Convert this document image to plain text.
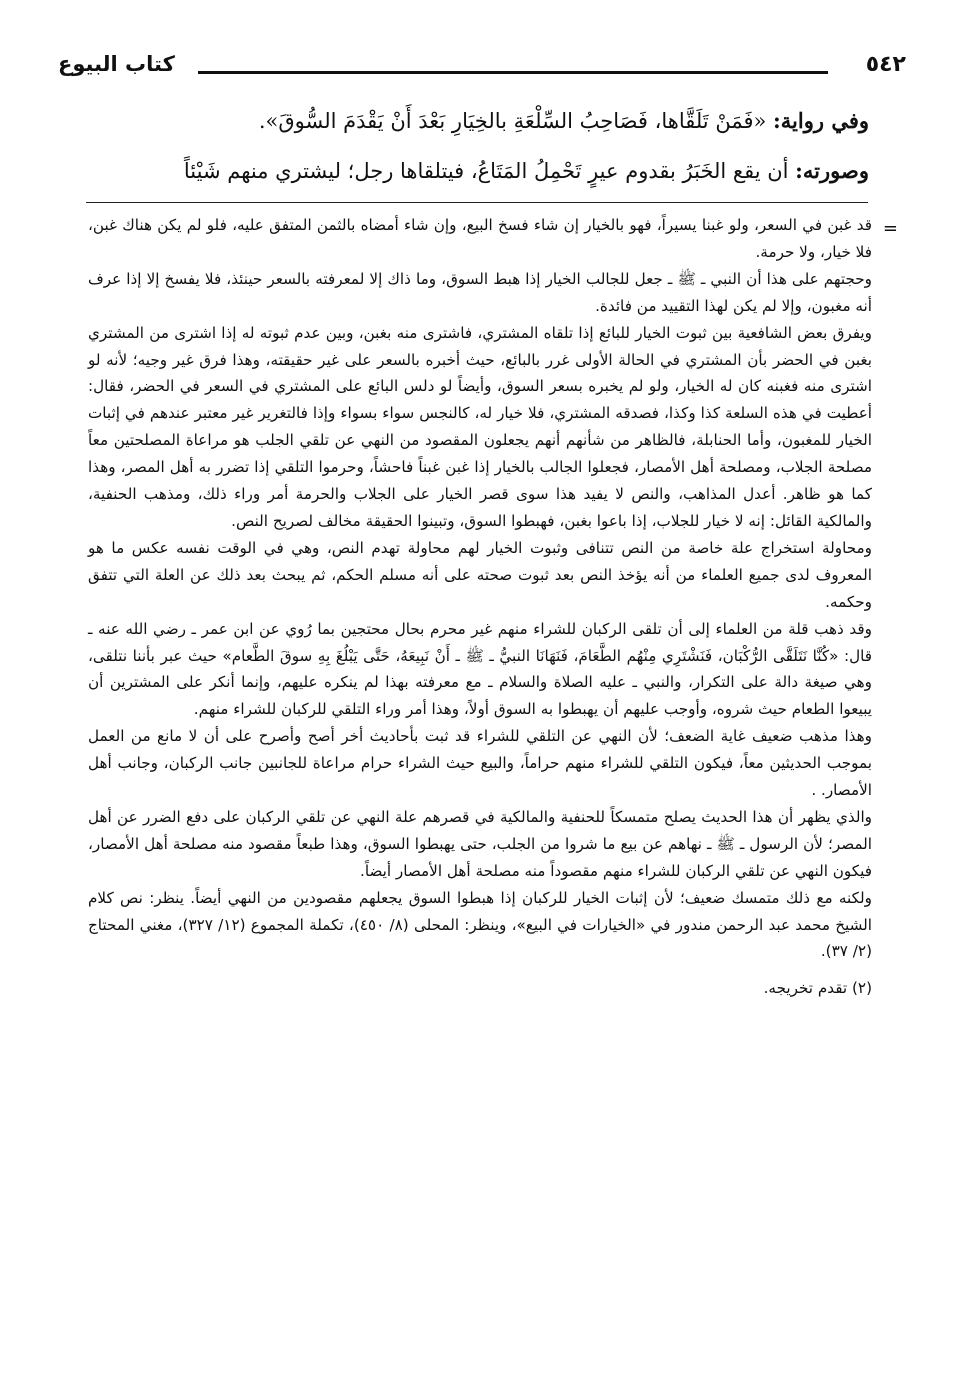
٥٤٢
كتاب البيوع

وفي رواية: «فَمَنْ تَلَقَّاها، فَصَاحِبُ السِّلْعَةِ بالخِيَارِ بَعْدَ أَنْ يَقْدَمَ السُّوقَ».

وصورته: أن يقع الخَبَرُ بقدوم عيرٍ تَحْمِلُ المَتَاعُ، فيتلقاها رجل؛ ليشتري منهم شَيْئاً

=

قد غبن في السعر، ولو غبنا يسيراً، فهو بالخيار إن شاء فسخ البيع، وإن شاء أمضاه بالثمن المتفق عليه، فلو لم يكن هناك غبن، فلا خيار، ولا حرمة.

وحجتهم على هذا أن النبي ـ ﷺ ـ جعل للجالب الخيار إذا هبط السوق، وما ذاك إلا لمعرفته بالسعر حينئذ، فلا يفسخ إلا إذا عرف أنه مغبون، وإلا لم يكن لهذا التقييد من فائدة.

ويفرق بعض الشافعية بين ثبوت الخيار للبائع إذا تلقاه المشتري، فاشترى منه بغبن، وبين عدم ثبوته له إذا اشترى من المشتري بغبن في الحضر بأن المشتري في الحالة الأولى غرر بالبائع، حيث أخبره بالسعر على غير حقيقته، وهذا فرق غير وجيه؛ لأنه لو اشترى منه فغبنه كان له الخيار، ولو لم يخبره بسعر السوق، وأيضاً لو دلس البائع على المشتري في السعر في الحضر، فقال: أعطيت في هذه السلعة كذا وكذا، فصدقه المشتري، فلا خيار له، كالنجس سواء بسواء وإذا فالتغرير غير معتبر عندهم في إثبات الخيار للمغبون، وأما الحنابلة، فالظاهر من شأنهم أنهم يجعلون المقصود من النهي عن تلقي الجلب هو مراعاة المصلحتين معاً مصلحة الجلاب، ومصلحة أهل الأمصار، فجعلوا الجالب بالخيار إذا غبن غبناً فاحشاً، وحرموا التلقي إذا تضرر به أهل المصر، وهذا كما هو ظاهر. أعدل المذاهب، والنص لا يفيد هذا سوى قصر الخيار على الجلاب والحرمة أمر وراء ذلك، ومذهب الحنفية، والمالكية القائل: إنه لا خيار للجلاب، إذا باعوا بغبن، فهبطوا السوق، وتبينوا الحقيقة مخالف لصريح النص.

ومحاولة استخراج علة خاصة من النص تتنافى وثبوت الخيار لهم محاولة تهدم النص، وهي في الوقت نفسه عكس ما هو المعروف لدى جميع العلماء من أنه يؤخذ النص بعد ثبوت صحته على أنه مسلم الحكم، ثم يبحث بعد ذلك عن العلة التي تتفق وحكمه.

وقد ذهب قلة من العلماء إلى أن تلقى الركبان للشراء منهم غير محرم بحال محتجين بما رُوي عن ابن عمر ـ رضي الله عنه ـ قال: «كُنَّا نَتَلَقَّى الرُّكْبَان، فَنَشْتَرِي مِنْهُم الطَّعَامَ، فَنَهَانَا النبيُّ ـ ﷺ ـ أَنْ نَبِيعَهُ، حَتَّى يَبْلُغَ بِهِ سوقَ الطَّعام» حيث عبر بأننا نتلقى، وهي صيغة دالة على التكرار، والنبي ـ عليه الصلاة والسلام ـ مع معرفته بهذا لم ينكره عليهم، وإنما أنكر على المشترين أن يبيعوا الطعام حيث شروه، وأوجب عليهم أن يهبطوا به السوق أولاً، وهذا أمر وراء التلقي للركبان للشراء منهم.

وهذا مذهب ضعيف غاية الضعف؛ لأن النهي عن التلقي للشراء قد ثبت بأحاديث أخر أصح وأصرح على أن لا مانع من العمل بموجب الحديثين معاً، فيكون التلقي للشراء منهم حراماً، والبيع حيث الشراء حرام مراعاة للجانبين جانب الركبان، وجانب أهل الأمصار. .

والذي يظهر أن هذا الحديث يصلح متمسكاً للحنفية والمالكية في قصرهم علة النهي عن تلقي الركبان على دفع الضرر عن أهل المصر؛ لأن الرسول ـ ﷺ ـ نهاهم عن بيع ما شروا من الجلب، حتى يهبطوا السوق، وهذا طبعاً مقصود منه مصلحة أهل الأمصار، فيكون النهي عن تلقي الركبان للشراء منهم مقصوداً منه مصلحة أهل الأمصار أيضاً.

ولكنه مع ذلك متمسك ضعيف؛ لأن إثبات الخيار للركبان إذا هبطوا السوق يجعلهم مقصودين من النهي أيضاً. ينظر: نص كلام الشيخ محمد عبد الرحمن مندور في «الخيارات في البيع»، وينظر: المحلى (٨/ ٤٥٠)، تكملة المجموع (١٢/ ٣٢٧)، مغني المحتاج (٢/ ٣٧).

(٢) تقدم تخريجه.
